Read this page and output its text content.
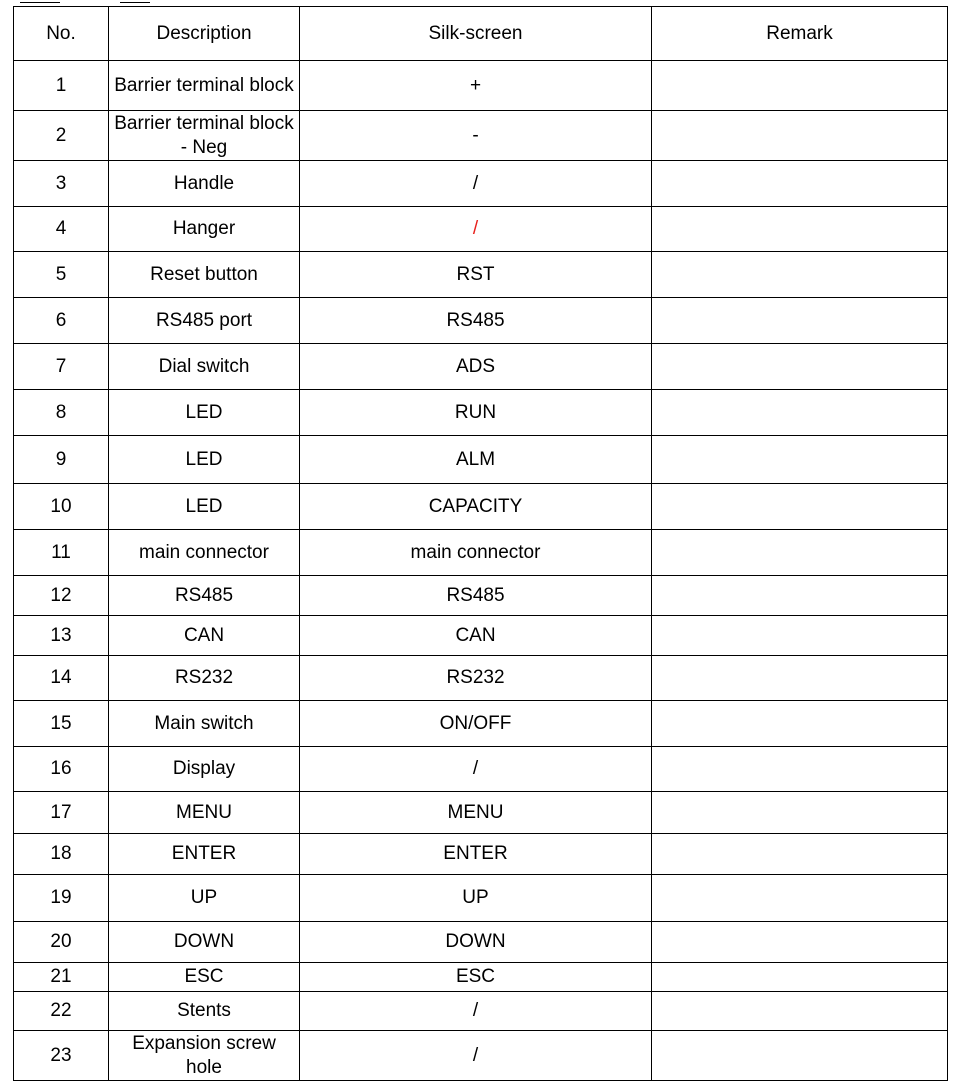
No.	Description	Silk-screen	Remark
1	Barrier terminal block	+	
2	Barrier terminal block - Neg	-	
3	Handle	/	
4	Hanger	/	
5	Reset button	RST	
6	RS485 port	RS485	
7	Dial switch	ADS	
8	LED	RUN	
9	LED	ALM	
10	LED	CAPACITY	
11	main connector	main connector	
12	RS485	RS485	
13	CAN	CAN	
14	RS232	RS232	
15	Main switch	ON/OFF	
16	Display	/	
17	MENU	MENU	
18	ENTER	ENTER	
19	UP	UP	
20	DOWN	DOWN	
21	ESC	ESC	
22	Stents	/	
23	Expansion screw hole	/	
